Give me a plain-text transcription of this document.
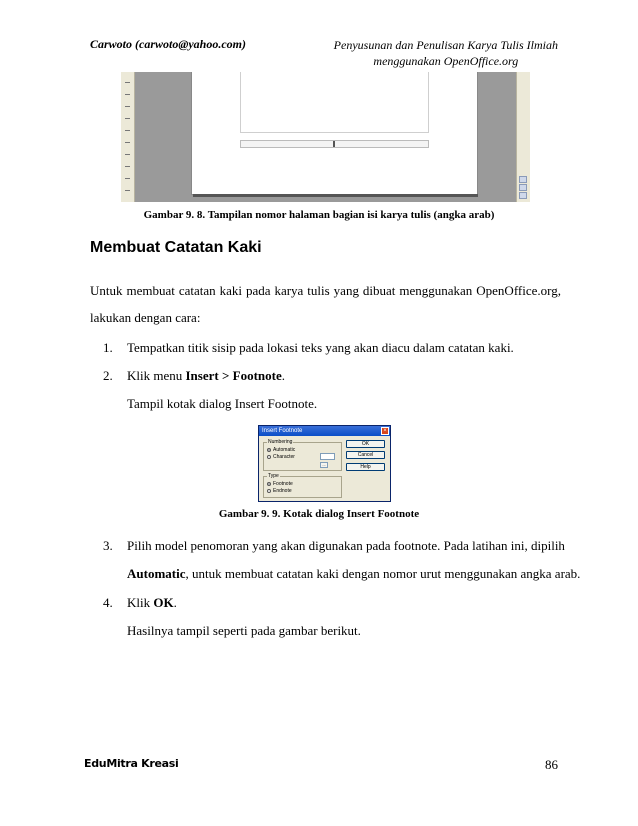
Carwoto (carwoto@yahoo.com)	Penyusunan dan Penulisan Karya Tulis Ilmiah
menggunakan OpenOffice.org
Gambar 9. 8. Tampilan nomor halaman bagian isi karya tulis (angka arab)
Membuat Catatan Kaki
Untuk membuat catatan kaki pada karya tulis yang dibuat menggunakan OpenOffice.org,
lakukan dengan cara:
1. Tempatkan titik sisip pada lokasi teks yang akan diacu dalam catatan kaki.
2. Klik menu Insert > Footnote.
Tampil kotak dialog Insert Footnote.
Insert Footnote	×
Numbering
Automatic
Character
...
Type
Footnote
Endnote
OK
Cancel
Help
Gambar 9. 9. Kotak dialog Insert Footnote
3. Pilih model penomoran yang akan digunakan pada footnote. Pada latihan ini, dipilih
Automatic, untuk membuat catatan kaki dengan nomor urut menggunakan angka arab.
4. Klik OK.
Hasilnya tampil seperti pada gambar berikut.
EduMitra Kreasi	86
